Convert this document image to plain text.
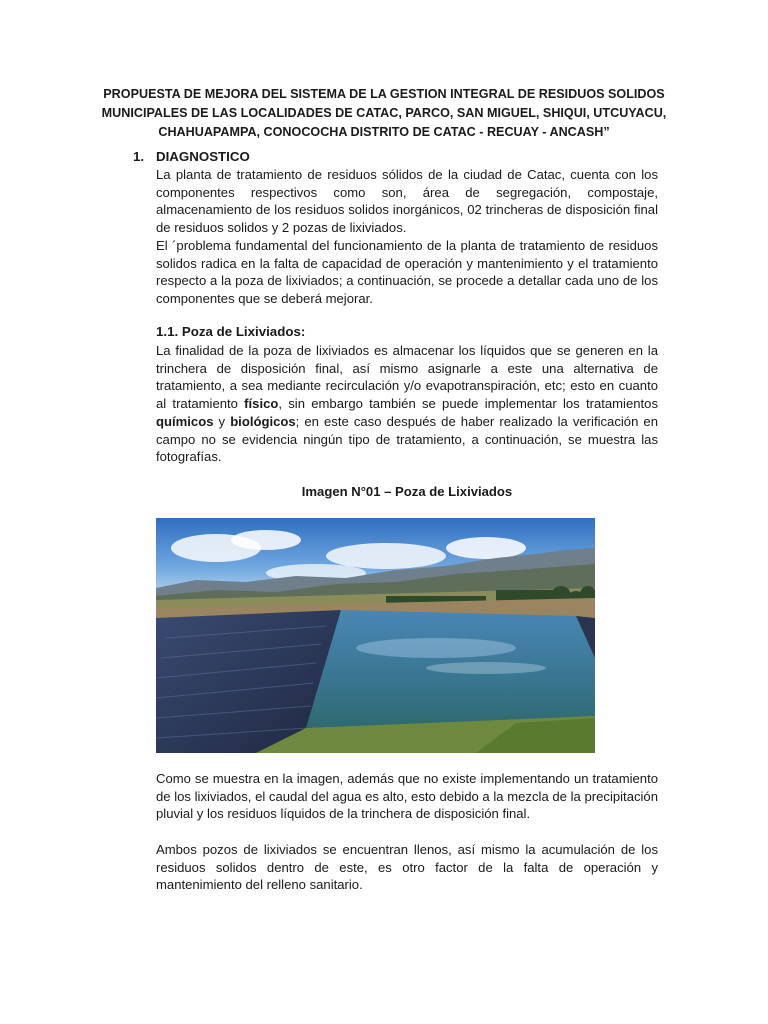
PROPUESTA DE MEJORA DEL SISTEMA DE LA GESTION INTEGRAL DE RESIDUOS SOLIDOS MUNICIPALES DE LAS LOCALIDADES DE CATAC, PARCO, SAN MIGUEL, SHIQUI, UTCUYACU, CHAHUAPAMPA, CONOCOCHA DISTRITO DE CATAC - RECUAY - ANCASH”
1. DIAGNOSTICO
La planta de tratamiento de residuos sólidos de la ciudad de Catac, cuenta con los componentes respectivos como son, área de segregación, compostaje, almacenamiento de los residuos solidos inorgánicos, 02 trincheras de disposición final de residuos solidos y 2 pozas de lixiviados.
El ´problema fundamental del funcionamiento de la planta de tratamiento de residuos solidos radica en la falta de capacidad de operación y mantenimiento y el tratamiento respecto a la poza de lixiviados; a continuación, se procede a detallar cada uno de los componentes que se deberá mejorar.
1.1. Poza de Lixiviados:
La finalidad de la poza de lixiviados es almacenar los líquidos que se generen en la trinchera de disposición final, así mismo asignarle a este una alternativa de tratamiento, a sea mediante recirculación y/o evapotranspiración, etc; esto en cuanto al tratamiento físico, sin embargo también se puede implementar los tratamientos químicos y biológicos; en este caso después de haber realizado la verificación en campo no se evidencia ningún tipo de tratamiento, a continuación, se muestra las fotografías.
Imagen N°01 – Poza de Lixiviados
Como se muestra en la imagen, además que no existe implementando un tratamiento de los lixiviados, el caudal del agua es alto, esto debido a la mezcla de la precipitación pluvial y los residuos líquidos de la trinchera de disposición final.
Ambos pozos de lixiviados se encuentran llenos, así mismo la acumulación de los residuos solidos dentro de este, es otro factor de la falta de operación y mantenimiento del relleno sanitario.
